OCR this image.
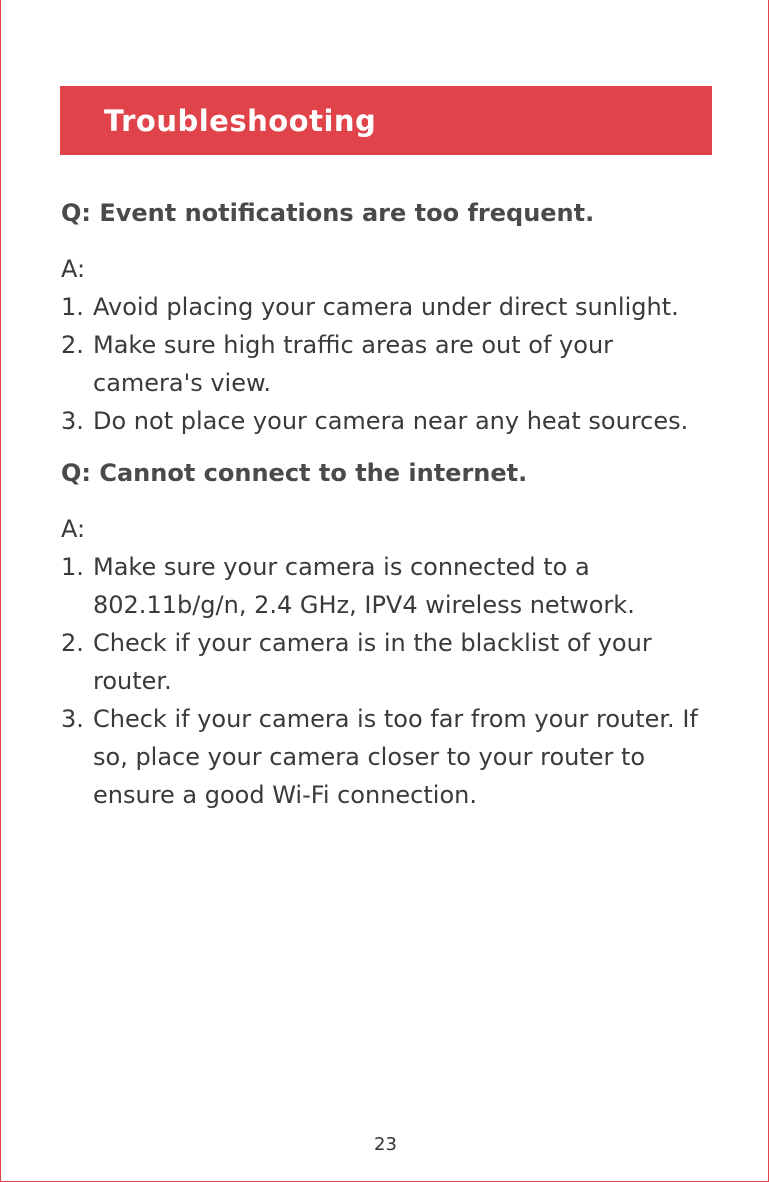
Troubleshooting

Q: Event notifications are too frequent.

A:

1. Avoid placing your camera under direct sunlight.
2. Make sure high traffic areas are out of your camera's view.
3. Do not place your camera near any heat sources.

Q: Cannot connect to the internet.

A:

1. Make sure your camera is connected to a 802.11b/g/n, 2.4 GHz, IPV4 wireless network.
2. Check if your camera is in the blacklist of your router.
3. Check if your camera is too far from your router. If so, place your camera closer to your router to ensure a good Wi-Fi connection.
23
